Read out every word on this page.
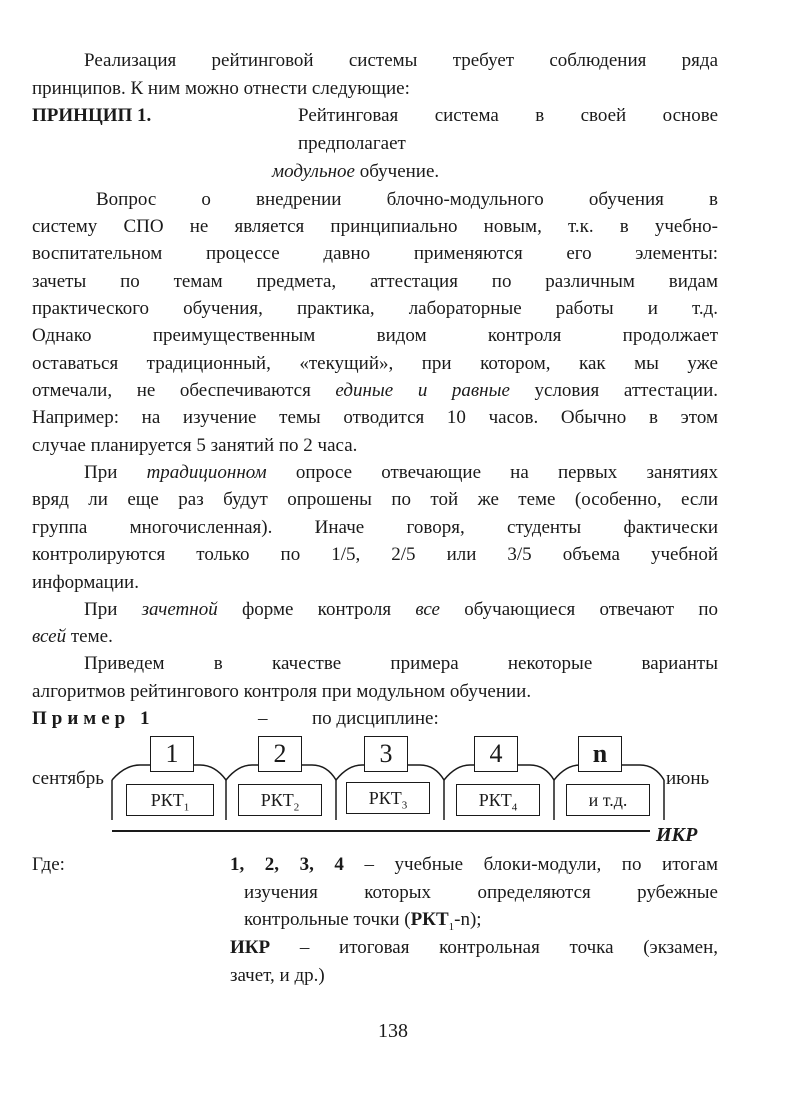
Реализация рейтинговой системы требует соблюдения ряда
принципов. К ним можно отнести следующие:
ПРИНЦИП 1.	Рейтинговая система в своей основе
предполагает
модульное обучение.
Вопрос о внедрении блочно-модульного обучения в
систему СПО не является принципиально новым, т.к. в учебно-
воспитательном процессе давно применяются его элементы:
зачеты по темам предмета, аттестация по различным видам
практического обучения, практика, лабораторные работы и т.д.
Однако преимущественным видом контроля продолжает
оставаться традиционный, «текущий», при котором, как мы уже
отмечали, не обеспечиваются единые и равные условия аттестации.
Например: на изучение темы отводится 10 часов. Обычно в этом
случае планируется 5 занятий по 2 часа.
При традиционном опросе отвечающие на первых занятиях
вряд ли еще раз будут опрошены по той же теме (особенно, если
группа многочисленная). Иначе говоря, студенты фактически
контролируются только по 1/5, 2/5 или 3/5 объема учебной
информации.
При зачетной форме контроля все обучающиеся отвечают по
всей теме.
Приведем в качестве примера некоторые варианты
алгоритмов рейтингового контроля при модульном обучении.
Пример 1	–	по дисциплине:
сентябрь	июнь
1	2	3	4	n
$РКТ_1$	$РКТ_2$	$РКТ_3$	$РКТ_4$	и т.д.
ИКР
Где:	1, 2, 3, 4 – учебные блоки-модули, по итогам
изучения которых определяются рубежные
контрольные точки $(РКТ_1-n)$;
ИКР – итоговая контрольная точка (экзамен,
зачет, и др.)
138
